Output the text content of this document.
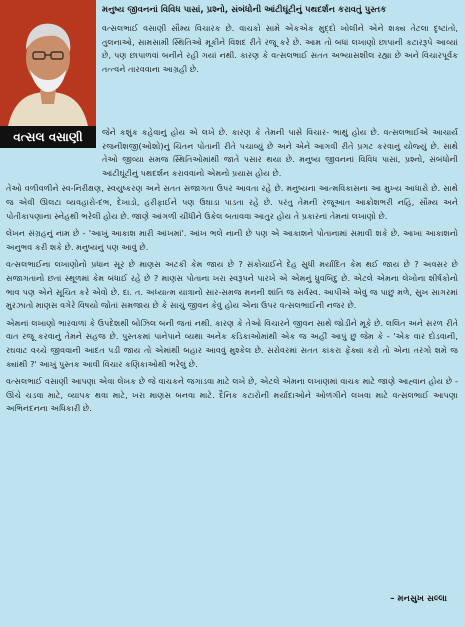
વત્સલ વસાણી
મનુષ્ય જીવનનાં વિવિધ પાસાં, પ્રશ્નો, સંબંધોની આંટીઘૂંટીનું પથદર્શન કરાવતું પુસ્તક

વત્સલભાઈ વસાણી સૌમ્ય વિચારક છે. વાચકો સામે એકએક મુદ્દો ખોલીને એને શક્ય તેટલા દૃષ્ટાંતો, તુલનાઓ, સામસામી સ્થિતિઓ મૂકીને વિશદ રીતે રજૂ કરે છે. આમ તો બધાં લખાણો છાપાની કટારરૂપે આવ્યાં છે, પણ છાપાળવાં બનીને રહી ગયાં નથી. કારણ કે વત્સલભાઈ સતત અભ્યાસશીલ રહ્યા છે અને વિચારપૂર્વક તત્ત્વને તારવવાના આગ્રહી છે.

જેને કશુંક કહેવાનું હોય એ લખે છે. કારણ કે તેમની પાસે વિચાર- ભાથું હોય છે. વત્સલભાઈએ આચાર્ય રજનીશજી(ઓશો)નું ચિંતન પોતાની રીતે પચાવ્યું છે અને એને આગવી રીતે પ્રગટ કરવાનું યોજ્યું છે. સાથે તેઓ જીવ્યા સમજ સ્થિતિઓમાંથી જાતે પસાર થયા છે. મનુષ્ય જીવનનાં વિવિધ પાસાં, પ્રશ્નો, સંબંધોની આંટીઘૂંટીનું પથદર્શન કરાવવાનો એમનો પ્રયાસ હોય છે.

તેઓ વળીવળીને સ્વ-નિરીક્ષણ, સ્વયુષ્કરણ અને સતત સજાગતા ઉપર આવતા રહે છે. મનુષ્યના આત્મવિકાસના આ મુખ્ય આધારો છે. સાથે જ એવી ઊલટા વ્યવહારો-દંભ, દેખાડો, હરીફાઈને પણ ઉઘાડા પાડતા રહે છે. પરંતુ તેમની રજૂઆત આક્રોશભરી નહિ, સૌમ્ય અને પોતીકાપણાના સ્નેહથી ભરેલી હોય છે. જાણે આંગળી ચીંધીને ઉકેલ બતાવવા આતુર હોય તે પ્રકારનાં તેમનાં લખાણો છે.

લેખન સંગ્રહનું નામ છે - 'આખું આકાશ મારી આંખમાં'. આંખ ભલે નાની છે પણ એ આકાશને પોતાનામાં સમાવી શકે છે. આખા આકાશનો અનુભવ કરી શકે છે. મનુષ્યનું પણ આવું છે.

વત્સલભાઈના લખાણોનો પ્રધાન સૂર છે માણસ અટકી કેમ જાય છે ? સંકોચાઈને દેહ સુધી મર્યાદિત કેમ થઈ જાય છે ? અવસર છે સજાગતાનો છતાં સ્થૂળમાં કેમ બંધાઈ રહે છે ? માણસ પોતાના ખરા સ્વરૂપને પારખે એ એમનું ધ્રુવબિંદુ છે. એટલે એમના લેખોના શીર્ષકોનો ભાવ પણ એને સૂચિત કરે એવો છે. દા. ત. અધ્યાત્મ યાત્રાનો સાર-સમજ મનની શાંતિ જ સર્વસ્વ. આપીએ એવું જ પાછું મળે, સુખ સાગરમાં મુરઝાતો માણસ વગેરે વિષયો જોતાં સમજાય છે કે સાચું જીવન કેવું હોય એના ઉપર વત્સલભાઈની નજર છે.

એમનાં લખાણો ભારવાળાં કે ઉપદેશથી બોઝિલ બની જતાં નથી. કારણ કે તેઓ વિચારને જીવન સાથે જોડીને મૂકે છે. લલિત અને સરળ રીતે વાત રજૂ કરવાનું તેમને સહજ છે. પુસ્તકમાં પાનેપાને વ્યથા અનેક કંડિકાઓમાંથી એક જ અહીં આપું છું જેમ કે - 'એક વાર દોડવાની, રઘવાટ વચ્ચે જીવવાની આદત પડી જાય તો એમાંથી બહાર આવવું મુશ્કેલ છે. સરોવરમાં સતત કાંકરા ફેંક્યા કરો તો એના તરંગો શમે જ ક્યાંથી ?' આખું પુસ્તક આવી વિચાર કણિકાઓથી ભરેલું છે.

વત્સલભાઈ વસાણી આપણા એવા લેખક છે જે વાચકને જગાડવા માટે લખે છે, એટલે એમના લખાણમાં વાચક માટે જાણે આહ્વાન હોય છે - ઊંચે ચડવા માટે, વ્યાપક થવા માટે, ખરા માણસ બનવા માટે. દૈનિક કટારોની મર્યાદાઓને ઓળંગીને લખવા માટે વત્સલભાઈ આપણા અભિનંદનના અધિકારી છે.

– મનસુખ સલ્લા
